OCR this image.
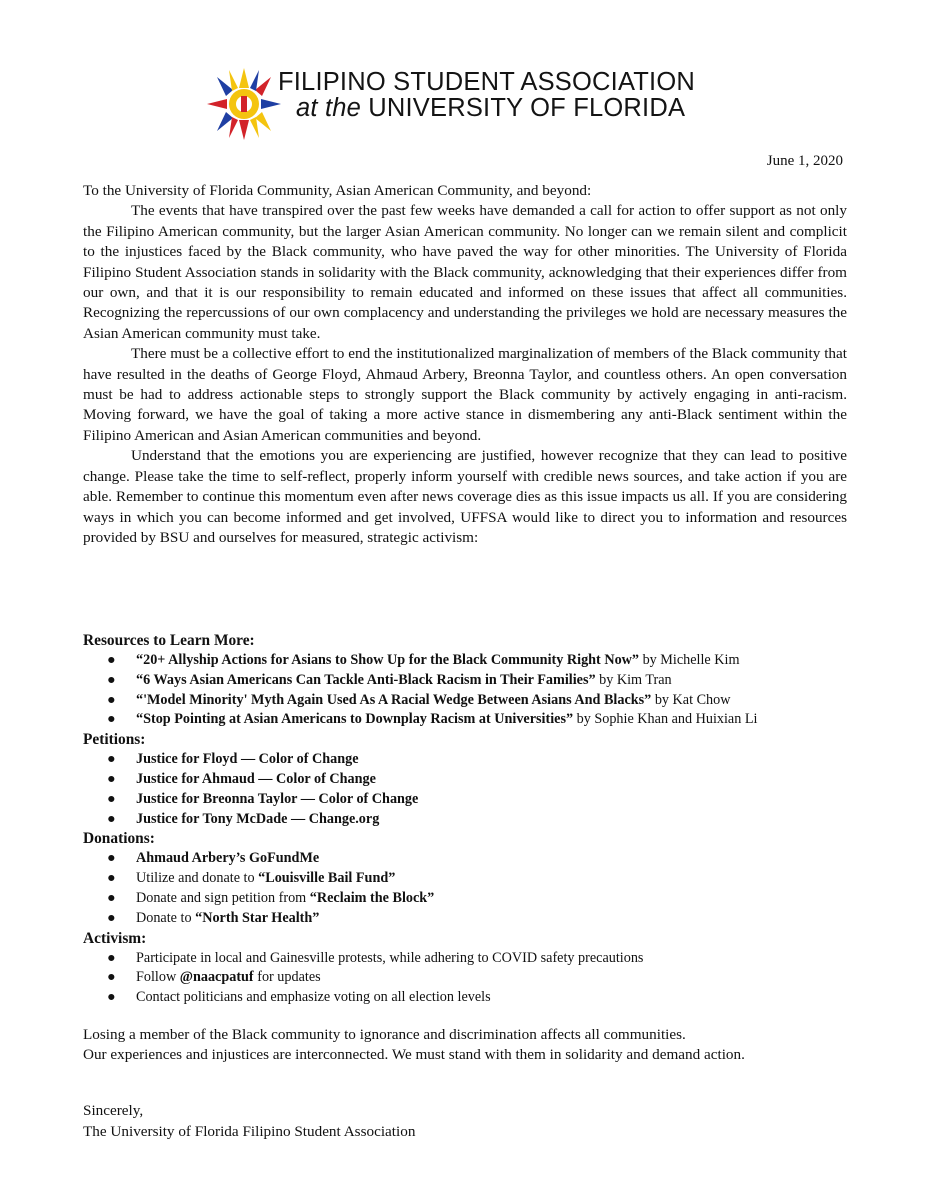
FILIPINO STUDENT ASSOCIATION
at the UNIVERSITY OF FLORIDA
June 1, 2020

To the University of Florida Community, Asian American Community, and beyond:

The events that have transpired over the past few weeks have demanded a call for action to offer support as not only the Filipino American community, but the larger Asian American community. No longer can we remain silent and complicit to the injustices faced by the Black community, who have paved the way for other minorities. The University of Florida Filipino Student Association stands in solidarity with the Black community, acknowledging that their experiences differ from our own, and that it is our responsibility to remain educated and informed on these issues that affect all communities. Recognizing the repercussions of our own complacency and understanding the privileges we hold are necessary measures the Asian American community must take.

There must be a collective effort to end the institutionalized marginalization of members of the Black community that have resulted in the deaths of George Floyd, Ahmaud Arbery, Breonna Taylor, and countless others. An open conversation must be had to address actionable steps to strongly support the Black community by actively engaging in anti-racism. Moving forward, we have the goal of taking a more active stance in dismembering any anti-Black sentiment within the Filipino American and Asian American communities and beyond.

Understand that the emotions you are experiencing are justified, however recognize that they can lead to positive change. Please take the time to self-reflect, properly inform yourself with credible news sources, and take action if you are able. Remember to continue this momentum even after news coverage dies as this issue impacts us all. If you are considering ways in which you can become informed and get involved, UFFSA would like to direct you to information and resources provided by BSU and ourselves for measured, strategic activism:

Resources to Learn More:
● “20+ Allyship Actions for Asians to Show Up for the Black Community Right Now” by Michelle Kim
● “6 Ways Asian Americans Can Tackle Anti-Black Racism in Their Families” by Kim Tran
● “'Model Minority' Myth Again Used As A Racial Wedge Between Asians And Blacks” by Kat Chow
● “Stop Pointing at Asian Americans to Downplay Racism at Universities” by Sophie Khan and Huixian Li
Petitions:
● Justice for Floyd — Color of Change
● Justice for Ahmaud — Color of Change
● Justice for Breonna Taylor — Color of Change
● Justice for Tony McDade — Change.org
Donations:
● Ahmaud Arbery’s GoFundMe
● Utilize and donate to “Louisville Bail Fund”
● Donate and sign petition from “Reclaim the Block”
● Donate to “North Star Health”
Activism:
● Participate in local and Gainesville protests, while adhering to COVID safety precautions
● Follow @naacpatuf for updates
● Contact politicians and emphasize voting on all election levels

Losing a member of the Black community to ignorance and discrimination affects all communities.

Our experiences and injustices are interconnected. We must stand with them in solidarity and demand action.

Sincerely,
The University of Florida Filipino Student Association
